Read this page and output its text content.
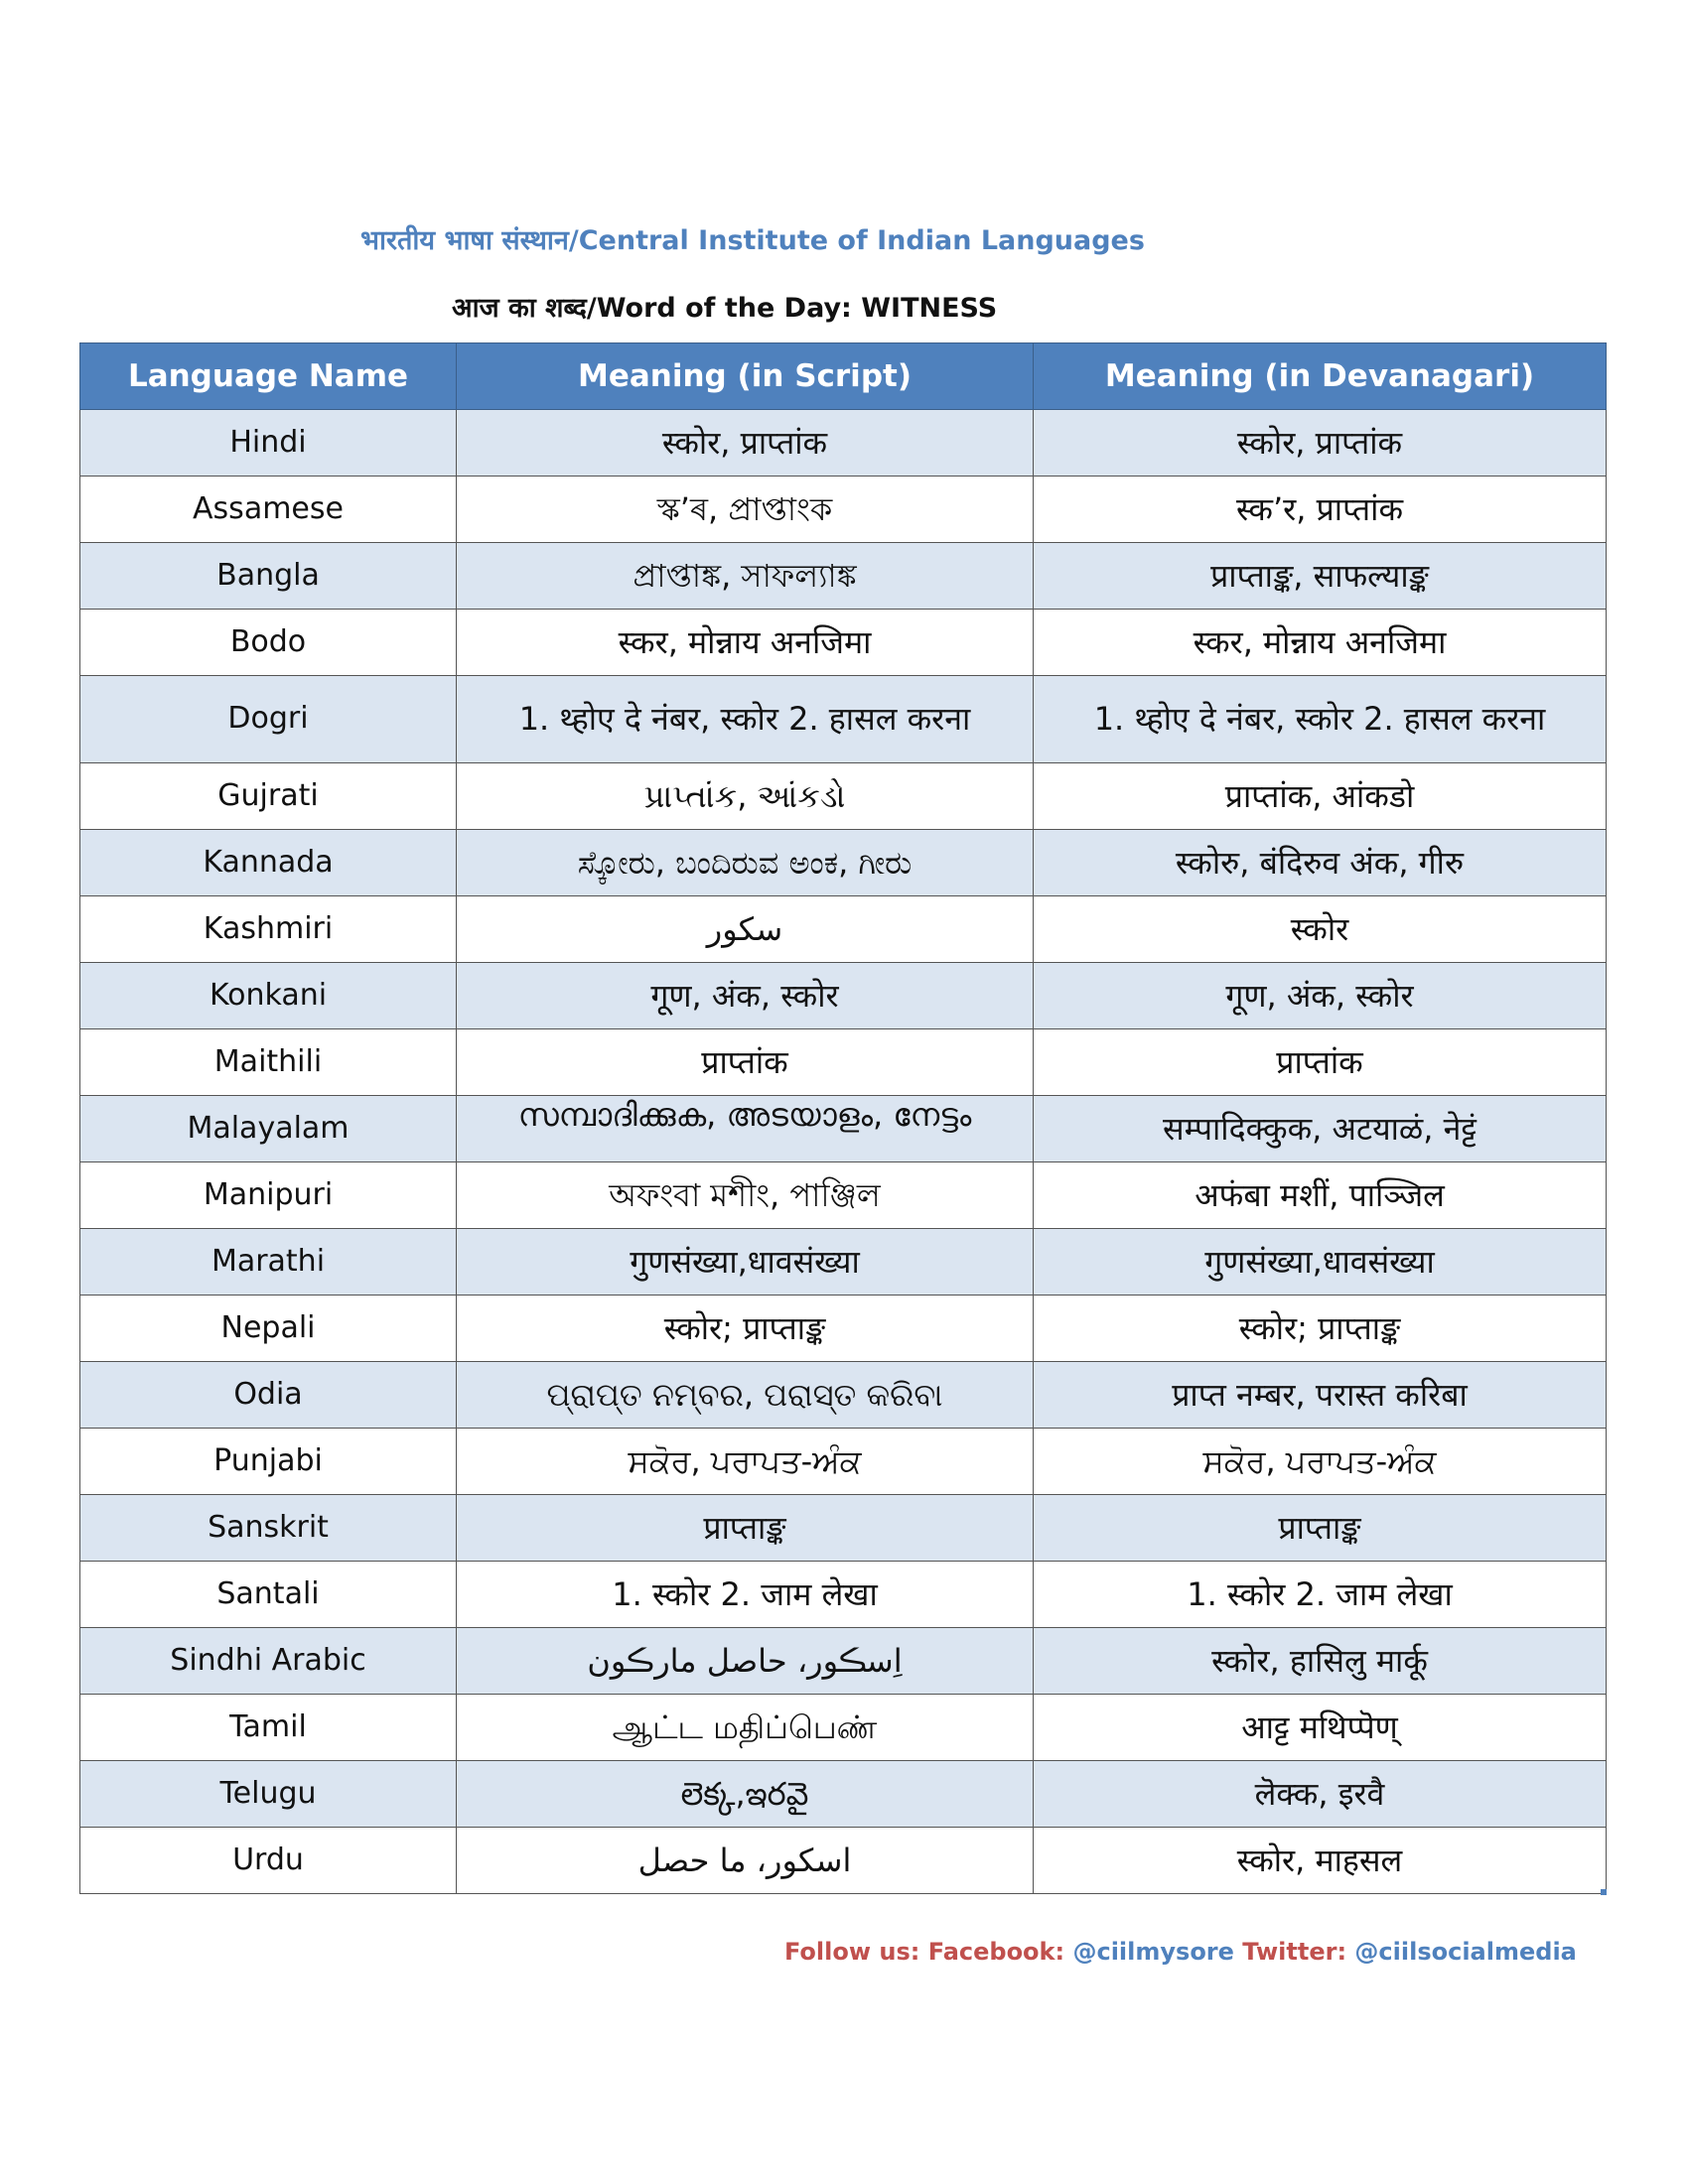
भारतीय भाषा संस्थान/Central Institute of Indian Languages
आज का शब्द/Word of the Day: WITNESS
Language Name	Meaning (in Script)	Meaning (in Devanagari)
Hindi	स्कोर, प्राप्तांक	स्कोर, प्राप्तांक
Assamese	স্ক’ৰ, প্ৰাপ্তাংক	स्क’र, प्राप्तांक
Bangla	প্রাপ্তাঙ্ক, সাফল্যাঙ্ক	प्राप्ताङ्क, साफल्याङ्क
Bodo	स्कर, मोन्नाय अनजिमा	स्कर, मोन्नाय अनजिमा
Dogri	1. थ्होए दे नंबर, स्कोर 2. हासल करना	1. थ्होए दे नंबर, स्कोर 2. हासल करना
Gujrati	પ્રાપ્તાંક, આંકડો	प्राप्तांक, आंकडो
Kannada	ಸ್ಕೋರು, ಬಂದಿರುವ ಅಂಕ, ಗೀರು	स्कोरु, बंदिरुव अंक, गीरु
Kashmiri	سکور	स्कोर
Konkani	गूण, अंक, स्कोर	गूण, अंक, स्कोर
Maithili	प्राप्तांक	प्राप्तांक
Malayalam	സമ്പാദിക്കുക, അടയാളം, നേട്ടം	सम्पादिक्कुक, अटयाळं, नेट्टं
Manipuri	অফংবা মশীং, পাঞ্জিল	अफंबा मशीं, पाञ्जिल
Marathi	गुणसंख्या,धावसंख्या	गुणसंख्या,धावसंख्या
Nepali	स्कोर; प्राप्ताङ्क	स्कोर; प्राप्ताङ्क
Odia	ପ୍ରାପ୍ତ ନମ୍ବର, ପରାସ୍ତ କରିବା	प्राप्त नम्बर, परास्त करिबा
Punjabi	ਸਕੋਰ, ਪਰਾਪਤ-ਅੰਕ	ਸਕੋਰ, ਪਰਾਪਤ-ਅੰਕ
Sanskrit	प्राप्ताङ्क	प्राप्ताङ्क
Santali	1. स्कोर 2. जाम लेखा	1. स्कोर 2. जाम लेखा
Sindhi Arabic	اِسڪور، حاصل مارڪون	स्कोर, हासिलु मार्कू
Tamil	ஆட்ட மதிப்பெண்	आट्ट मथिप्पॆण्
Telugu	లెక్క,ఇరవై	लॆक्क, इरवै
Urdu	اسکور، ما حصل	स्कोर, माहसल
Follow us: Facebook: @ciilmysore Twitter: @ciilsocialmedia
